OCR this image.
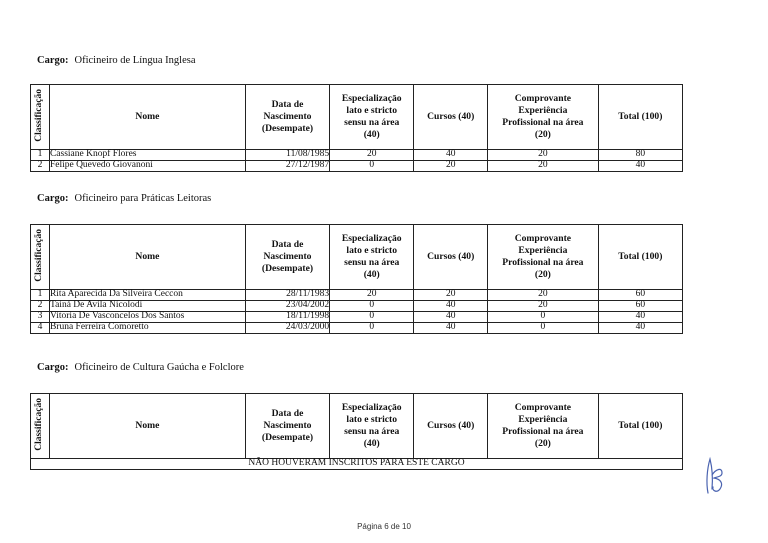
Cargo: Oficineiro de Língua Inglesa
Classificação	Nome	Data de
Nascimento
(Desempate)	Especializaçāo
lato e stricto
sensu na área
(40)	Cursos (40)	Comprovante
Experiência
Profissional na área
(20)	Total (100)
1	Cassiane Knopf Flores	11/08/1985	20	40	20	80
2	Felipe Quevedo Giovanoni	27/12/1987	0	20	20	40
Cargo: Oficineiro para Práticas Leitoras
Classificação	Nome	Data de
Nascimento
(Desempate)	Especializaçāo
lato e stricto
sensu na área
(40)	Cursos (40)	Comprovante
Experiência
Profissional na área
(20)	Total (100)
1	Rita Aparecida Da Silveira Ceccon	28/11/1983	20	20	20	60
2	Tainá De Avila Nicolodi	23/04/2002	0	40	20	60
3	Vitoria De Vasconcelos Dos Santos	18/11/1998	0	40	0	40
4	Bruna Ferreira Comoretto	24/03/2000	0	40	0	40
Cargo: Oficineiro de Cultura Gaúcha e Folclore
Classificação	Nome	Data de
Nascimento
(Desempate)	Especializaçāo
lato e stricto
sensu na área
(40)	Cursos (40)	Comprovante
Experiência
Profissional na área
(20)	Total (100)
NÃO HOUVERAM INSCRITOS PARA ESTE CARGO
Página 6 de 10
